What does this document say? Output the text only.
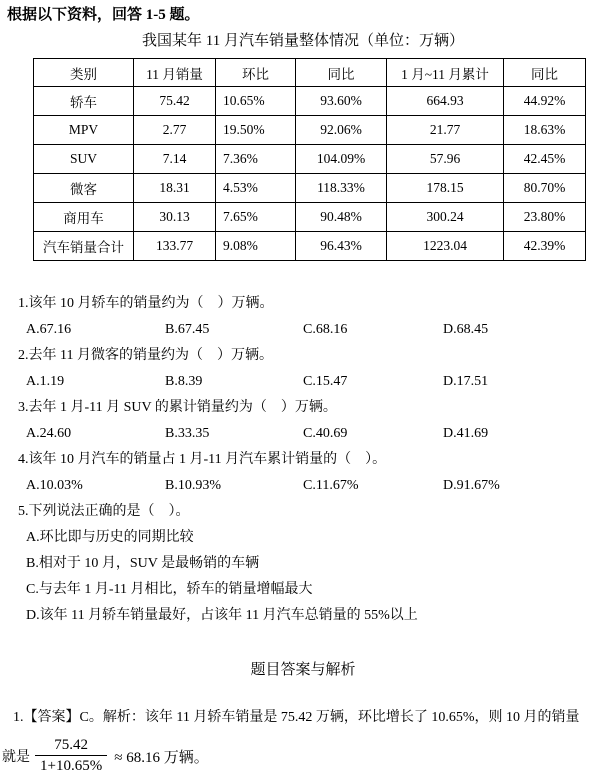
根据以下资料，回答 1-5 题。
我国某年 11 月汽车销量整体情况（单位：万辆）
类别	11 月销量	环比	同比	1 月~11 月累计	同比
轿车	75.42	10.65%	93.60%	664.93	44.92%
MPV	2.77	19.50%	92.06%	21.77	18.63%
SUV	7.14	7.36%	104.09%	57.96	42.45%
微客	18.31	4.53%	118.33%	178.15	80.70%
商用车	30.13	7.65%	90.48%	300.24	23.80%
汽车销量合计	133.77	9.08%	96.43%	1223.04	42.39%
1.该年 10 月轿车的销量约为（　）万辆。
A.67.16	B.67.45	C.68.16	D.68.45
2.去年 11 月微客的销量约为（　）万辆。
A.1.19	B.8.39	C.15.47	D.17.51
3.去年 1 月-11 月 SUV 的累计销量约为（　）万辆。
A.24.60	B.33.35	C.40.69	D.41.69
4.该年 10 月汽车的销量占 1 月-11 月汽车累计销量的（　）。
A.10.03%	B.10.93%	C.11.67%	D.91.67%
5.下列说法正确的是（　）。
A.环比即与历史的同期比较
B.相对于 10 月，SUV 是最畅销的车辆
C.与去年 1 月-11 月相比，轿车的销量增幅最大
D.该年 11 月轿车销量最好，占该年 11 月汽车总销量的 55%以上
题目答案与解析
1.【答案】C。解析：该年 11 月轿车销量是 75.42 万辆，环比增长了 10.65%，则 10 月的销量
就是 $\frac{75.42}{1+10.65\%} \approx 68.16$ 万辆。
